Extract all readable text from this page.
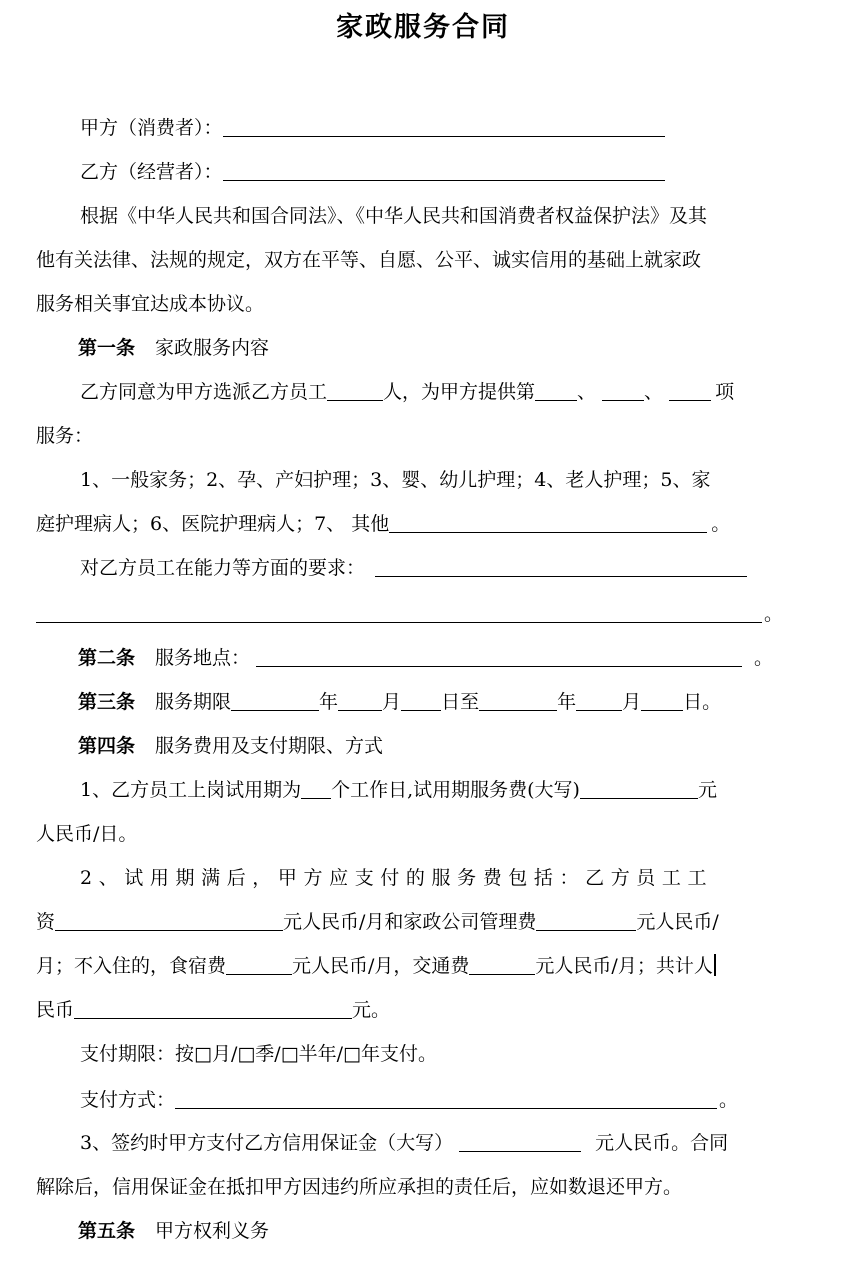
家政服务合同
甲方（消费者）：
乙方（经营者）：
根据《中华人民共和国合同法》、《中华人民共和国消费者权益保护法》及其
他有关法律、法规的规定，双方在平等、自愿、公平、诚实信用的基础上就家政
服务相关事宜达成本协议。
第一条 家政服务内容
乙方同意为甲方选派乙方员工	人，为甲方提供第 、	、	项
服务：
1、一般家务；2、孕、产妇护理；3、婴、幼儿护理；4、老人护理；5、家
庭护理病人；6、医院护理病人；7、 其他	。
对乙方员工在能力等方面的要求：
。
第二条 服务地点：	。
第三条 服务期限	年 月 日至	年 月 日。
第四条 服务费用及支付期限、方式
1、乙方员工上岗试用期为 个工作日,试用期服务费(大写)	元
人民币/日。
2、试用期满后，甲方应支付的服务费包括：乙方员工工
资	元人民币/月和家政公司管理费	元人民币/
月；不入住的，食宿费	元人民币/月，交通费	元人民币/月；共计人
民币	元。
支付期限：按□月/□季/□半年/□年支付。
支付方式：	。
3、签约时甲方支付乙方信用保证金（大写）	元人民币。合同
解除后，信用保证金在抵扣甲方因违约所应承担的责任后，应如数退还甲方。
第五条 甲方权利义务
